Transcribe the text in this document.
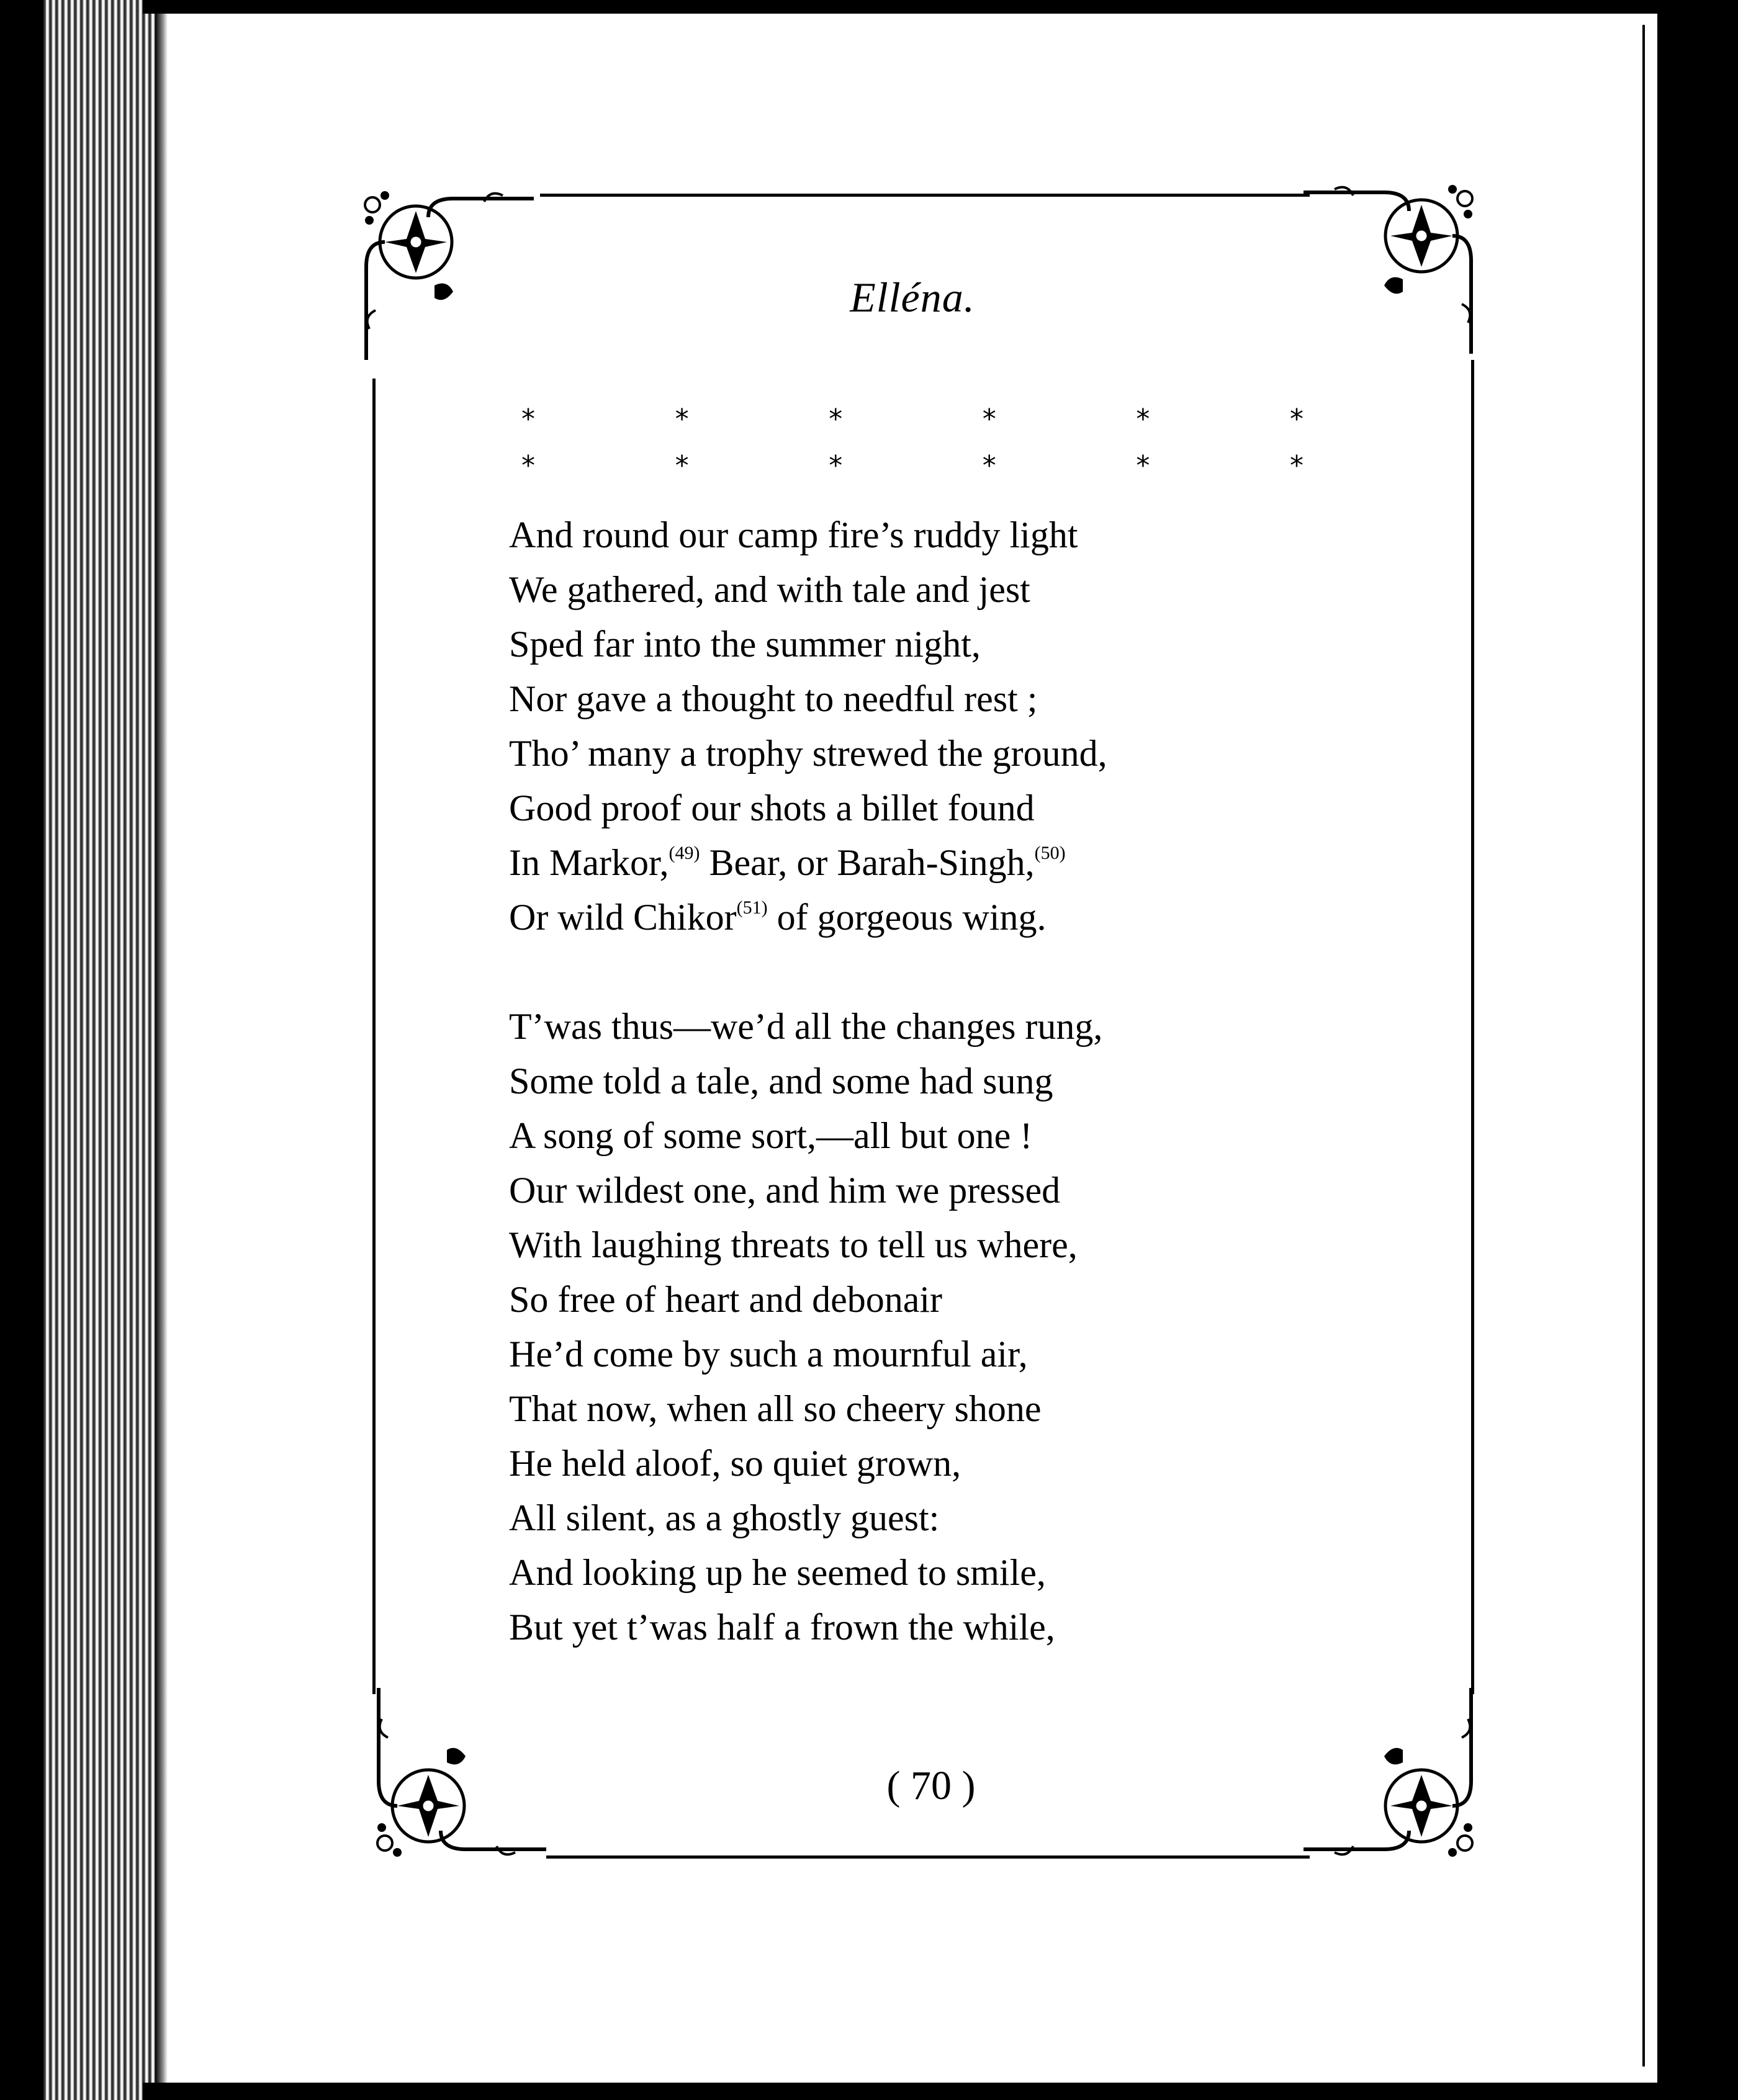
Elléna.
*	*	*	*	*	*
*	*	*	*	*	*
And round our camp fire’s ruddy light
We gathered, and with tale and jest
Sped far into the summer night,
Nor gave a thought to needful rest ;
Tho’ many a trophy strewed the ground,
Good proof our shots a billet found
In Markor,$^{(49)}$ Bear, or Barah-Singh,$^{(50)}$
Or wild Chikor$^{(51)}$ of gorgeous wing.
T’was thus—we’d all the changes rung,
Some told a tale, and some had sung
A song of some sort,—all but one !
Our wildest one, and him we pressed
With laughing threats to tell us where,
So free of heart and debonair
He’d come by such a mournful air,
That now, when all so cheery shone
He held aloof, so quiet grown,
All silent, as a ghostly guest:
And looking up he seemed to smile,
But yet t’was half a frown the while,
( 70 )
